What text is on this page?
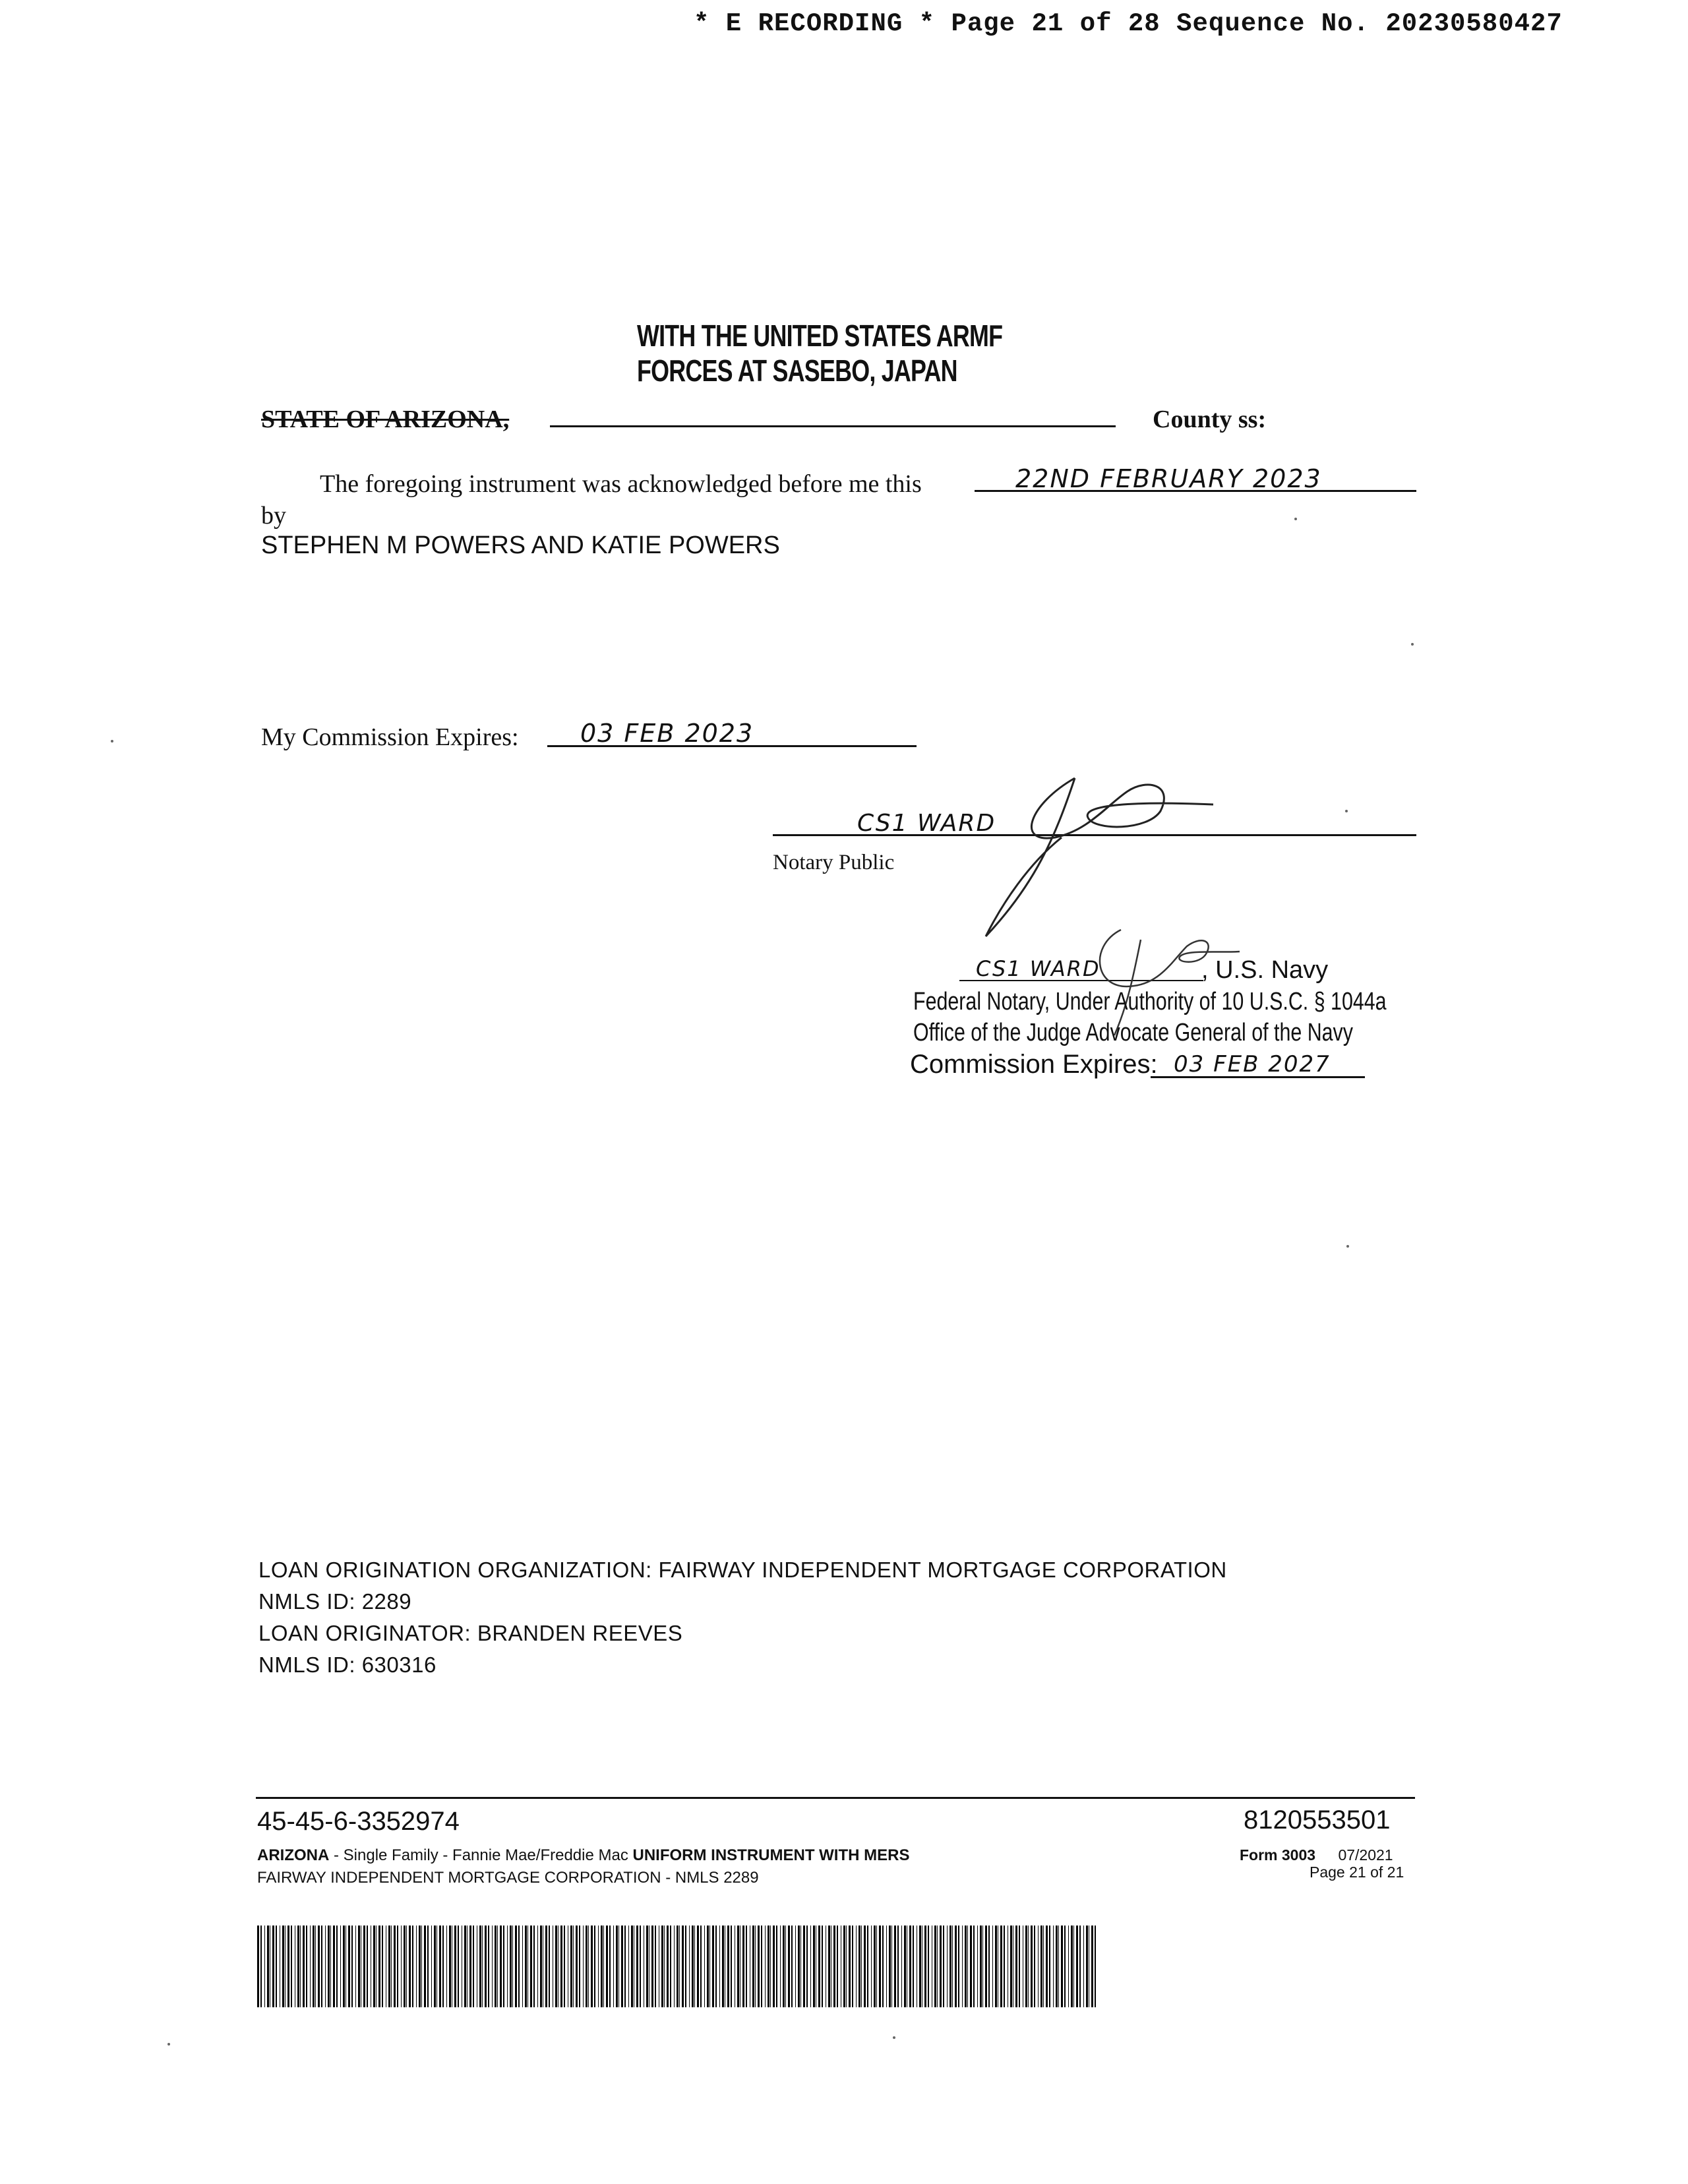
* E RECORDING * Page 21 of 28 Sequence No. 20230580427
WITH THE UNITED STATES ARMF
FORCES AT SASEBO, JAPAN
STATE OF ARIZONA,	County ss:
The foregoing instrument was acknowledged before me this	22ND FEBRUARY 2023
by
STEPHEN M POWERS AND KATIE POWERS
My Commission Expires: 03 FEB 2023
CS1 WARD
Notary Public
CS1 WARD	, U.S. Navy
Federal Notary, Under Authority of 10 U.S.C. § 1044a
Office of the Judge Advocate General of the Navy
Commission Expires: 03 FEB 2027
LOAN ORIGINATION ORGANIZATION: FAIRWAY INDEPENDENT MORTGAGE CORPORATION
NMLS ID: 2289
LOAN ORIGINATOR: BRANDEN REEVES
NMLS ID: 630316
45-45-6-3352974	8120553501
ARIZONA - Single Family - Fannie Mae/Freddie Mac UNIFORM INSTRUMENT WITH MERS
FAIRWAY INDEPENDENT MORTGAGE CORPORATION - NMLS 2289
Form 3003 07/2021
Page 21 of 21
